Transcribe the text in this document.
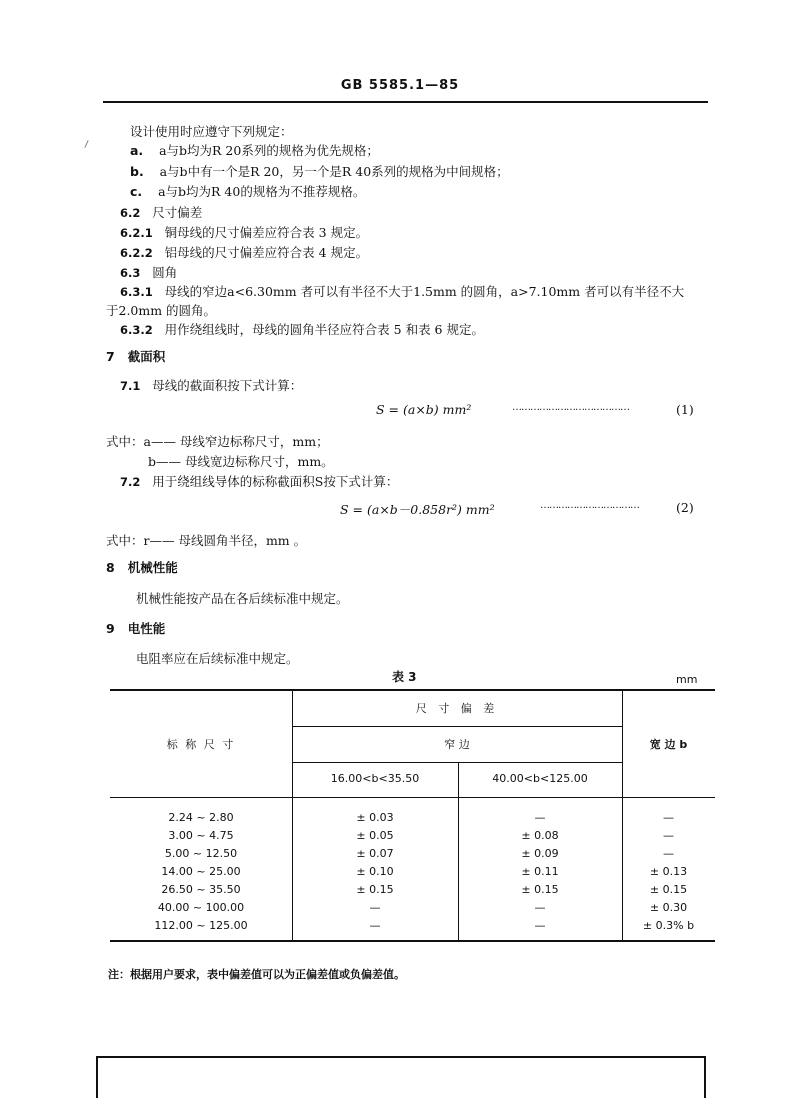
GB 5585.1—85
设计使用时应遵守下列规定：
a. a与b均为R 20系列的规格为优先规格；
b. a与b中有一个是R 20，另一个是R 40系列的规格为中间规格；
c. a与b均为R 40的规格为不推荐规格。
6.2 尺寸偏差
6.2.1 铜母线的尺寸偏差应符合表 3 规定。
6.2.2 铝母线的尺寸偏差应符合表 4 规定。
6.3 圆角
6.3.1 母线的窄边a<6.30mm 者可以有半径不大于1.5mm 的圆角，a>7.10mm 者可以有半径不大
于2.0mm 的圆角。
6.3.2 用作绕组线时，母线的圆角半径应符合表 5 和表 6 规定。
7 截面积
7.1 母线的截面积按下式计算：
S = (a×b) mm²	…………………………………	(1)
式中：a—— 母线窄边标称尺寸，mm；
b—— 母线宽边标称尺寸，mm。
7.2 用于绕组线导体的标称截面积S按下式计算：
S = (a×b－0.858r²) mm²	……………………………	(2)
式中：r—— 母线圆角半径，mm 。
8 机械性能
机械性能按产品在各后续标准中规定。
9 电性能
电阻率应在后续标准中规定。
表 3	mm
标 称 尺 寸
尺 寸 偏 差
窄 边	宽 边 b
16.00<b<35.50	40.00<b<125.00
2.24 ~ 2.80	± 0.03	—	—
3.00 ~ 4.75	± 0.05	± 0.08	—
5.00 ~ 12.50	± 0.07	± 0.09	—
14.00 ~ 25.00	± 0.10	± 0.11	± 0.13
26.50 ~ 35.50	± 0.15	± 0.15	± 0.15
40.00 ~ 100.00	—	—	± 0.30
112.00 ~ 125.00	—	—	± 0.3% b
注：根据用户要求，表中偏差值可以为正偏差值或负偏差值。
